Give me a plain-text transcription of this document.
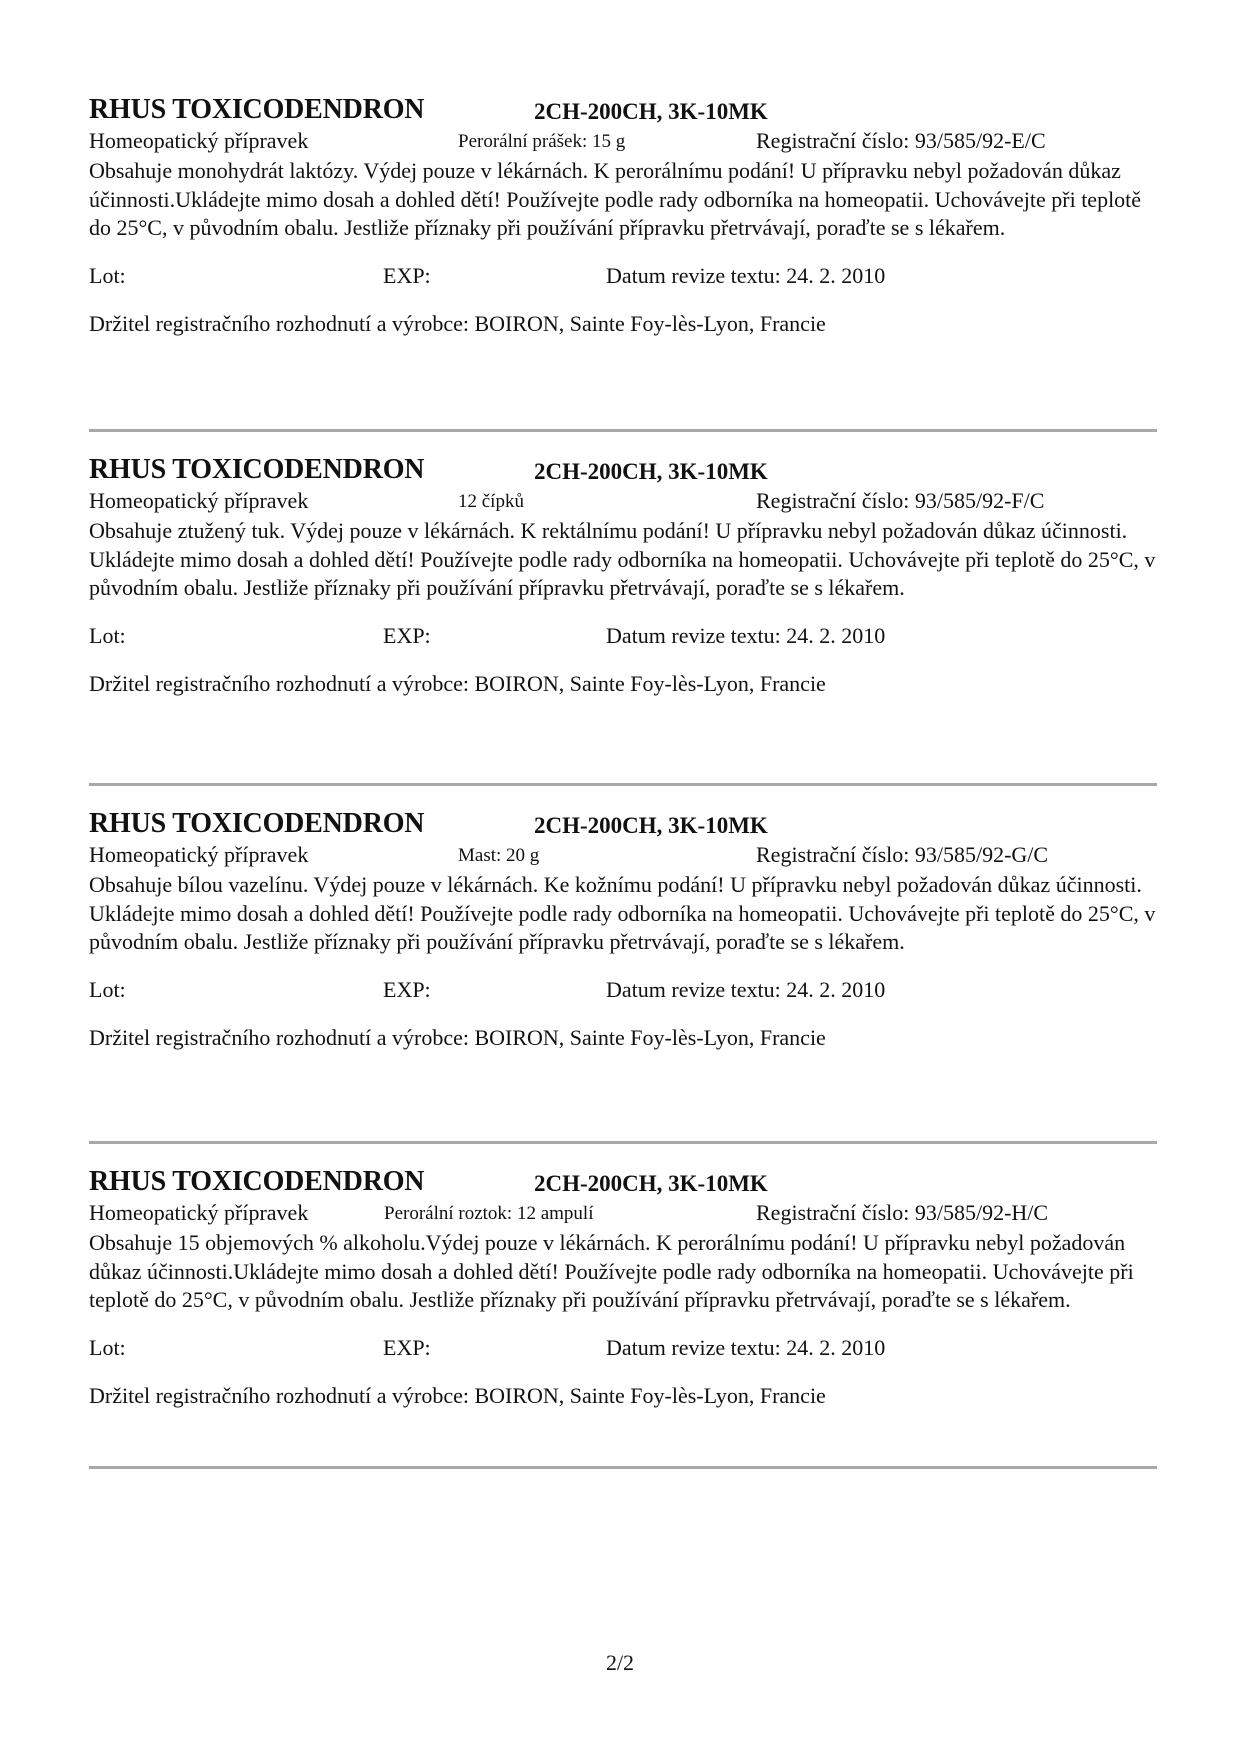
RHUS TOXICODENDRON	2CH-200CH, 3K-10MK
Homeopatický přípravek	Perorální prášek: 15 g	Registrační číslo: 93/585/92-E/C

Obsahuje monohydrát laktózy. Výdej pouze v lékárnách. K perorálnímu podání! U přípravku nebyl požadován důkaz účinnosti.Ukládejte mimo dosah a dohled dětí! Používejte podle rady odborníka na homeopatii. Uchovávejte při teplotě do 25°C, v původním obalu. Jestliže příznaky při používání přípravku přetrvávají, poraďte se s lékařem.

Lot:	EXP:	Datum revize textu: 24. 2. 2010
Držitel registračního rozhodnutí a výrobce: BOIRON, Sainte Foy-lès-Lyon, Francie
RHUS TOXICODENDRON	2CH-200CH, 3K-10MK
Homeopatický přípravek	12 čípků	Registrační číslo: 93/585/92-F/C

Obsahuje ztužený tuk. Výdej pouze v lékárnách. K rektálnímu podání! U přípravku nebyl požadován důkaz účinnosti. Ukládejte mimo dosah a dohled dětí! Používejte podle rady odborníka na homeopatii. Uchovávejte při teplotě do 25°C, v původním obalu. Jestliže příznaky při používání přípravku přetrvávají, poraďte se s lékařem.

Lot:	EXP:	Datum revize textu: 24. 2. 2010
Držitel registračního rozhodnutí a výrobce: BOIRON, Sainte Foy-lès-Lyon, Francie
RHUS TOXICODENDRON	2CH-200CH, 3K-10MK
Homeopatický přípravek	Mast: 20 g	Registrační číslo: 93/585/92-G/C

Obsahuje bílou vazelínu. Výdej pouze v lékárnách. Ke kožnímu podání! U přípravku nebyl požadován důkaz účinnosti. Ukládejte mimo dosah a dohled dětí! Používejte podle rady odborníka na homeopatii. Uchovávejte při teplotě do 25°C, v původním obalu. Jestliže příznaky při používání přípravku přetrvávají, poraďte se s lékařem.

Lot:	EXP:	Datum revize textu: 24. 2. 2010
Držitel registračního rozhodnutí a výrobce: BOIRON, Sainte Foy-lès-Lyon, Francie
RHUS TOXICODENDRON	2CH-200CH, 3K-10MK
Homeopatický přípravek	Perorální roztok: 12 ampulí	Registrační číslo: 93/585/92-H/C

Obsahuje 15 objemových % alkoholu.Výdej pouze v lékárnách. K perorálnímu podání! U přípravku nebyl požadován důkaz účinnosti.Ukládejte mimo dosah a dohled dětí! Používejte podle rady odborníka na homeopatii. Uchovávejte při teplotě do 25°C, v původním obalu. Jestliže příznaky při používání přípravku přetrvávají, poraďte se s lékařem.

Lot:	EXP:	Datum revize textu: 24. 2. 2010
Držitel registračního rozhodnutí a výrobce: BOIRON, Sainte Foy-lès-Lyon, Francie
2/2
